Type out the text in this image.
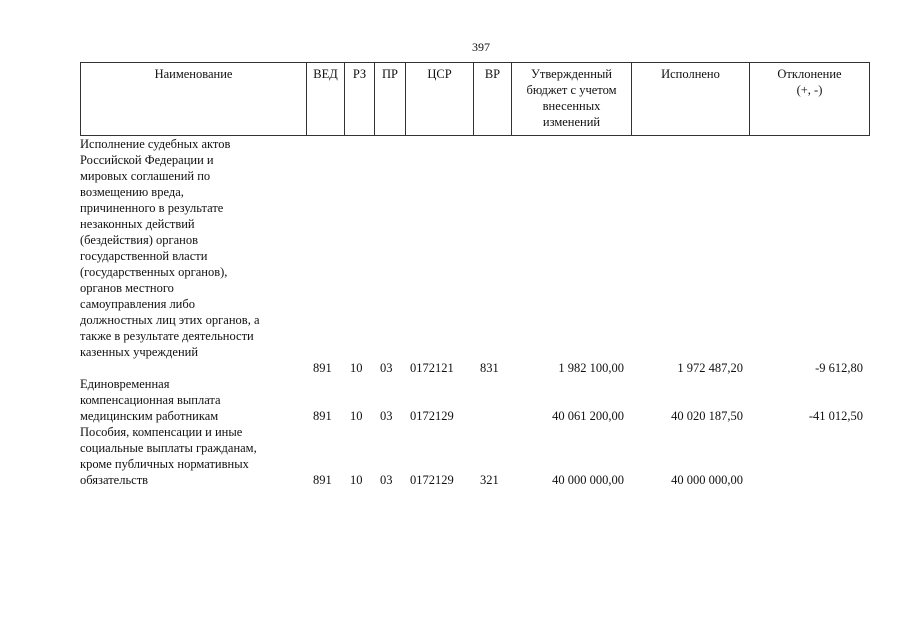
397
Наименование	ВЕД	РЗ	ПР	ЦСР	ВР	Утвержденный
бюджет с учетом
внесенных
изменений
Исполнено	Отклонение
(+, -)
Исполнение судебных актов
Российской Федерации и
мировых соглашений по
возмещению вреда,
причиненного в результате
незаконных действий
(бездействия) органов
государственной власти
(государственных органов),
органов местного
самоуправления либо
должностных лиц этих органов, а
также в результате деятельности
казенных учреждений
891 10 03 0172121 831	1 982 100,00	1 972 487,20	-9 612,80
Единовременная
компенсационная выплата
медицинским работникам	891 10 03 0172129	40 061 200,00	40 020 187,50	-41 012,50
Пособия, компенсации и иные
социальные выплаты гражданам,
кроме публичных нормативных
обязательств	891 10 03 0172129 321	40 000 000,00	40 000 000,00
